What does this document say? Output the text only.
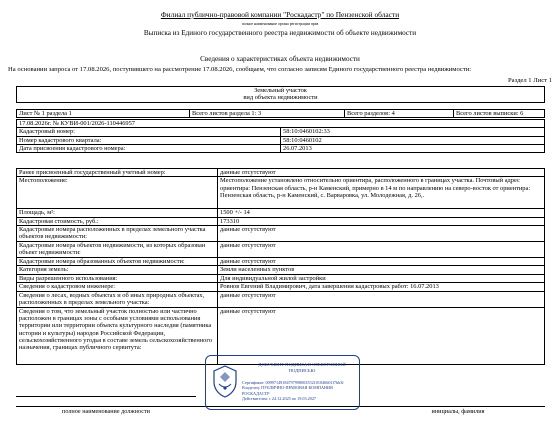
Филиал публично-правовой компании "Роскадастр" по Пензенской области
полное наименование органа регистрации прав
Выписка из Единого государственного реестра недвижимости об объекте недвижимости
Сведения о характеристиках объекта недвижимости
На основании запроса от 17.08.2026, поступившего на рассмотрение 17.08.2026, сообщаем, что согласно записям Единого государственного реестра недвижимости:
Раздел 1 Лист 1
Земельный участок
вид объекта недвижимости
Лист № 1 раздела 1	Всего листов раздела 1: 3	Всего разделов: 4	Всего листов выписки: 6
17.08.2026г. № КУВИ-001/2026-110446957	
Кадастровый номер:	58:10:0460102:33
Номер кадастрового квартала:	58:10:0460102
Дата присвоения кадастрового номера:	26.07.2013
Ранее присвоенный государственный учетный номер:	данные отсутствуют
Местоположение:	Местоположение установлено относительно ориентира, расположенного в границах участка. Почтовый адрес ориентира: Пензенская область, р-н Каменский, примерно в 14 м по направлению на северо-восток от ориентира: Пензенская область, р-н Каменский, с. Варваровка, ул. Молодежная, д. 26,.
Площадь, м²:	1500 +/- 14
Кадастровая стоимость, руб.:	173310
Кадастровые номера расположенных в пределах земельного участка объектов недвижимости:	данные отсутствуют
Кадастровые номера объектов недвижимости, из которых образован объект недвижимости:	данные отсутствуют
Кадастровые номера образованных объектов недвижимости:	данные отсутствуют
Категория земель:	Земли населенных пунктов
Виды разрешенного использования:	Для индивидуальной жилой застройки
Сведения о кадастровом инженере:	Ровнов Евгений Владимирович, дата завершения кадастровых работ: 16.07.2013
Сведения о лесах, водных объектах и об иных природных объектах, расположенных в пределах земельного участка:	данные отсутствуют
Сведения о том, что земельный участок полностью или частично расположен в границах зоны с особыми условиями использования территории или территории объекта культурного наследия (памятника истории и культуры) народов Российской Федерации, сельскохозяйственного угодья в составе земель сельскохозяйственного назначения, границах публичного сервитута:	данные отсутствуют
полное наименование должности	инициалы, фамилия
ДОКУМЕНТ ПОДПИСАН ЭЛЕКТРОННОЙ ПОДПИСЬЮ
Сертификат: 00997149184797998003552101046601f7bb3f
Владелец: ПУБЛИЧНО-ПРАВОВАЯ КОМПАНИЯ
РОСКАДАСТР
Действителен: с 24.12.2025 по 19.03.2027
